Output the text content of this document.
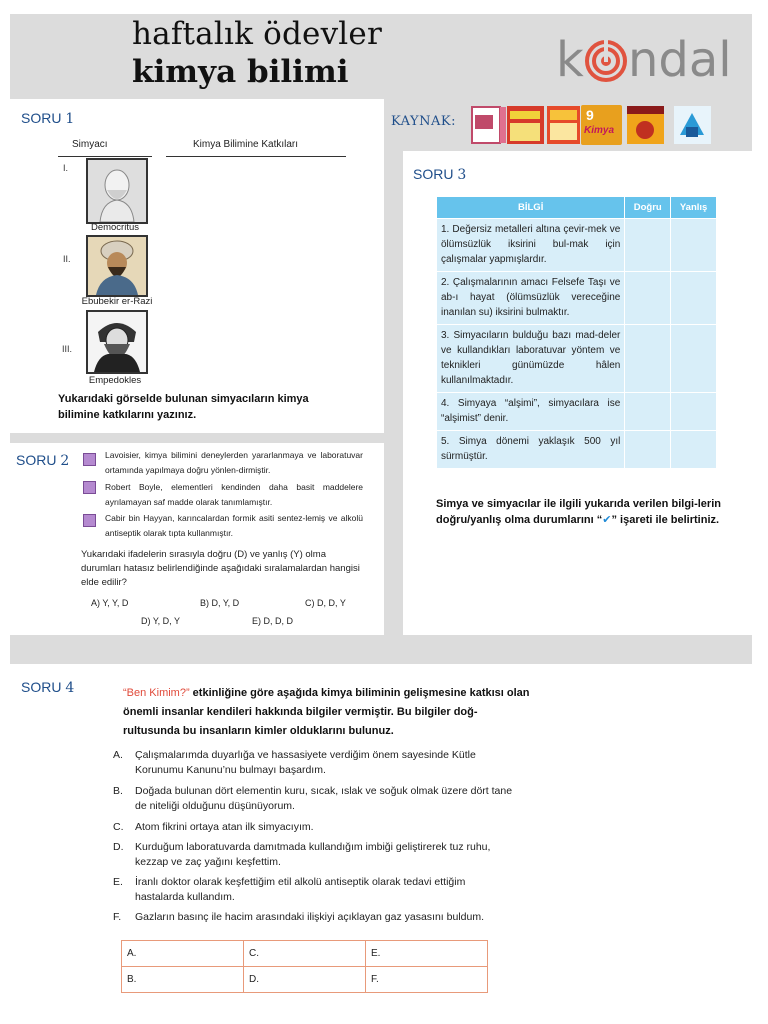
haftalık ödevler
kimya bilimi	k ndal
KAYNAK:	9
Kimya
SORU 1
Simyacı	Kimya Bilimine Katkıları
I.
Democritus
II.
Ebubekir er-Razi
III.
Empedokles
Yukarıdaki görselde bulunan simyacıların kimya bilimine katkılarını yazınız.
SORU 2	Lavoisier, kimya bilimini deneylerden yararlanmaya ve laboratuvar ortamında yapılmaya doğru yönlen-dirmiştir.
Robert Boyle, elementleri kendinden daha basit maddelere ayrılamayan saf madde olarak tanımlamıştır.
Cabir bin Hayyan, karıncalardan formik asiti sentez-lemiş ve alkolü antiseptik olarak tıpta kullanmıştır.
Yukarıdaki ifadelerin sırasıyla doğru (D) ve yanlış (Y) olma durumları hatasız belirlendiğinde aşağıdaki sıralamalardan hangisi elde edilir?
A) Y, Y, D	B) D, Y, D	C) D, D, Y
D) Y, D, Y	E) D, D, D
SORU 3
BİLGİ	Doğru	Yanlış
1. Değersiz metalleri altına çevir-mek ve ölümsüzlük iksirini bul-mak için çalışmalar yapmışlardır.		
2. Çalışmalarının amacı Felsefe Taşı ve ab-ı hayat (ölümsüzlük vereceğine inanılan su) iksirini bulmaktır.		
3. Simyacıların bulduğu bazı mad-deler ve kullandıkları laboratuvar yöntem ve teknikleri günümüzde hâlen kullanılmaktadır.		
4. Simyaya “alşimi”, simyacılara ise “alşimist” denir.		
5. Simya dönemi yaklaşık 500 yıl sürmüştür.		
Simya ve simyacılar ile ilgili yukarıda verilen bilgi-lerin doğru/yanlış olma durumlarını “✔” işareti ile belirtiniz.
SORU 4	“Ben Kimim?” etkinliğine göre aşağıda kimya biliminin gelişmesine katkısı olan önemli insanlar kendileri hakkında bilgiler vermiştir. Bu bilgiler doğ-rultusunda bu insanların kimler olduklarını bulunuz.
A. Çalışmalarımda duyarlığa ve hassasiyete verdiğim önem sayesinde Kütle Korunumu Kanunu’nu bulmayı başardım.
B. Doğada bulunan dört elementin kuru, sıcak, ıslak ve soğuk olmak üzere dört tane de niteliği olduğunu düşünüyorum.
C. Atom fikrini ortaya atan ilk simyacıyım.
D. Kurduğum laboratuvarda damıtmada kullandığım imbiği geliştirerek tuz ruhu, kezzap ve zaç yağını keşfettim.
E. İranlı doktor olarak keşfettiğim etil alkolü antiseptik olarak tedavi ettiğim hastalarda kullandım.
F. Gazların basınç ile hacim arasındaki ilişkiyi açıklayan gaz yasasını buldum.
A.	C.	E.
B.	D.	F.
